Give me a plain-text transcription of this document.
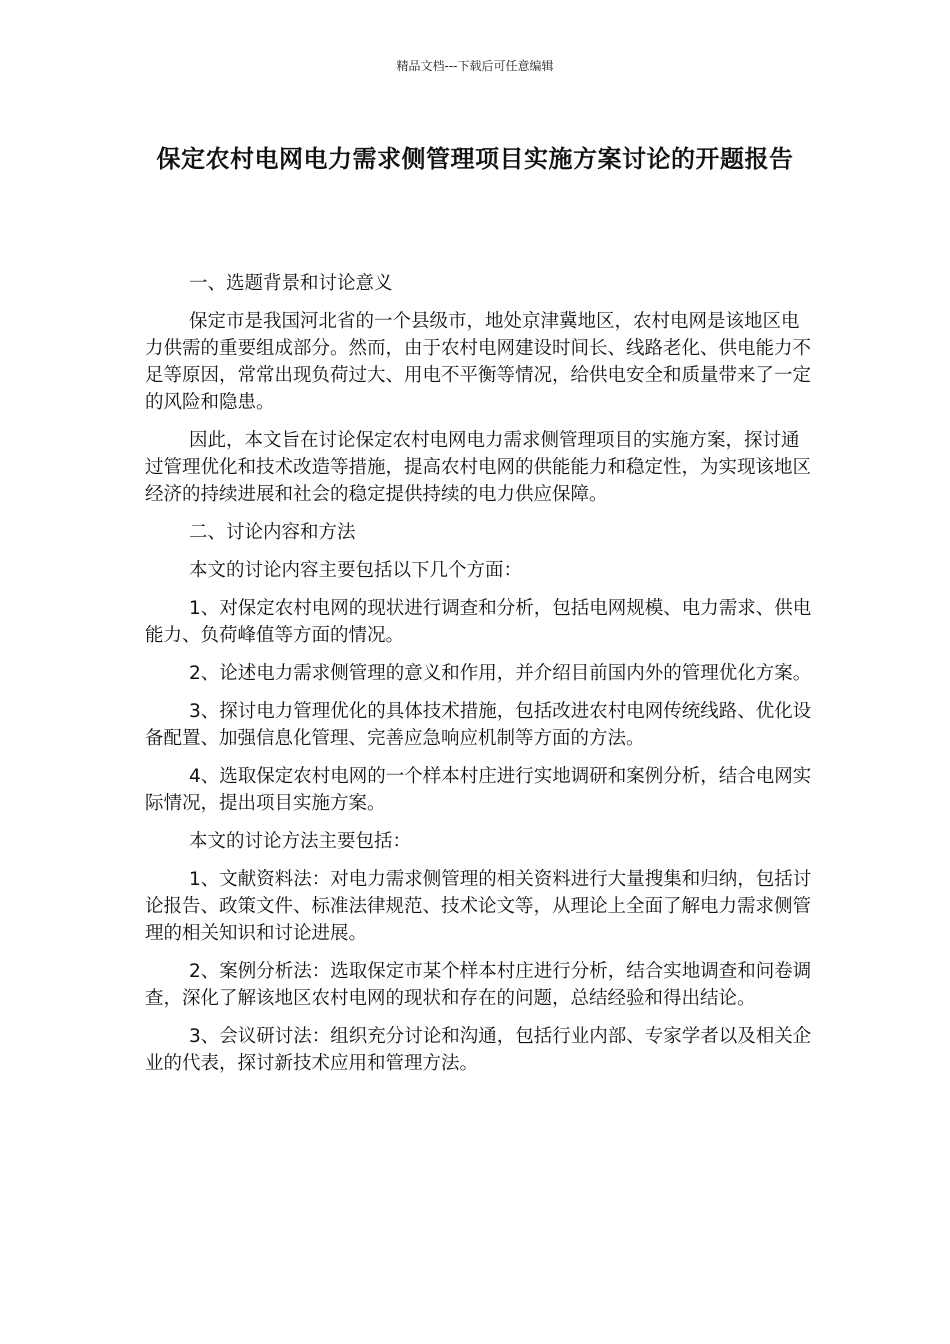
精品文档---下载后可任意编辑
保定农村电网电力需求侧管理项目实施方案讨论的开题报告

一、选题背景和讨论意义

保定市是我国河北省的一个县级市，地处京津冀地区，农村电网是该地区电力供需的重要组成部分。然而，由于农村电网建设时间长、线路老化、供电能力不足等原因，常常出现负荷过大、用电不平衡等情况，给供电安全和质量带来了一定的风险和隐患。

因此，本文旨在讨论保定农村电网电力需求侧管理项目的实施方案，探讨通过管理优化和技术改造等措施，提高农村电网的供能能力和稳定性，为实现该地区经济的持续进展和社会的稳定提供持续的电力供应保障。

二、讨论内容和方法

本文的讨论内容主要包括以下几个方面：

1、对保定农村电网的现状进行调查和分析，包括电网规模、电力需求、供电能力、负荷峰值等方面的情况。

2、论述电力需求侧管理的意义和作用，并介绍目前国内外的管理优化方案。

3、探讨电力管理优化的具体技术措施，包括改进农村电网传统线路、优化设备配置、加强信息化管理、完善应急响应机制等方面的方法。

4、选取保定农村电网的一个样本村庄进行实地调研和案例分析，结合电网实际情况，提出项目实施方案。

本文的讨论方法主要包括：

1、文献资料法：对电力需求侧管理的相关资料进行大量搜集和归纳，包括讨论报告、政策文件、标准法律规范、技术论文等，从理论上全面了解电力需求侧管理的相关知识和讨论进展。

2、案例分析法：选取保定市某个样本村庄进行分析，结合实地调查和问卷调查，深化了解该地区农村电网的现状和存在的问题，总结经验和得出结论。

3、会议研讨法：组织充分讨论和沟通，包括行业内部、专家学者以及相关企业的代表，探讨新技术应用和管理方法。
